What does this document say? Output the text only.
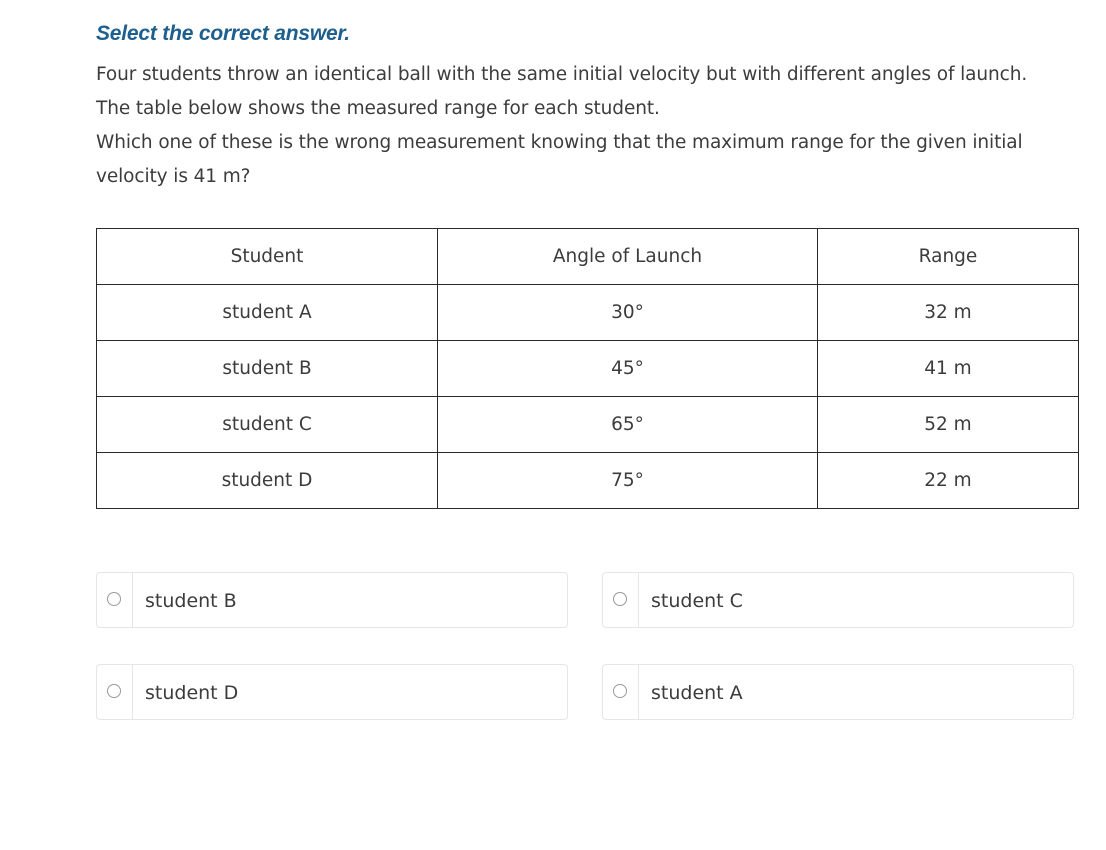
Select the correct answer.

Four students throw an identical ball with the same initial velocity but with different angles of launch.

The table below shows the measured range for each student.

Which one of these is the wrong measurement knowing that the maximum range for the given initial

velocity is 41 m?

Student	Angle of Launch	Range
student A	30°	32 m
student B	45°	41 m
student C	65°	52 m
student D	75°	22 m
student B	student C
student D	student A
